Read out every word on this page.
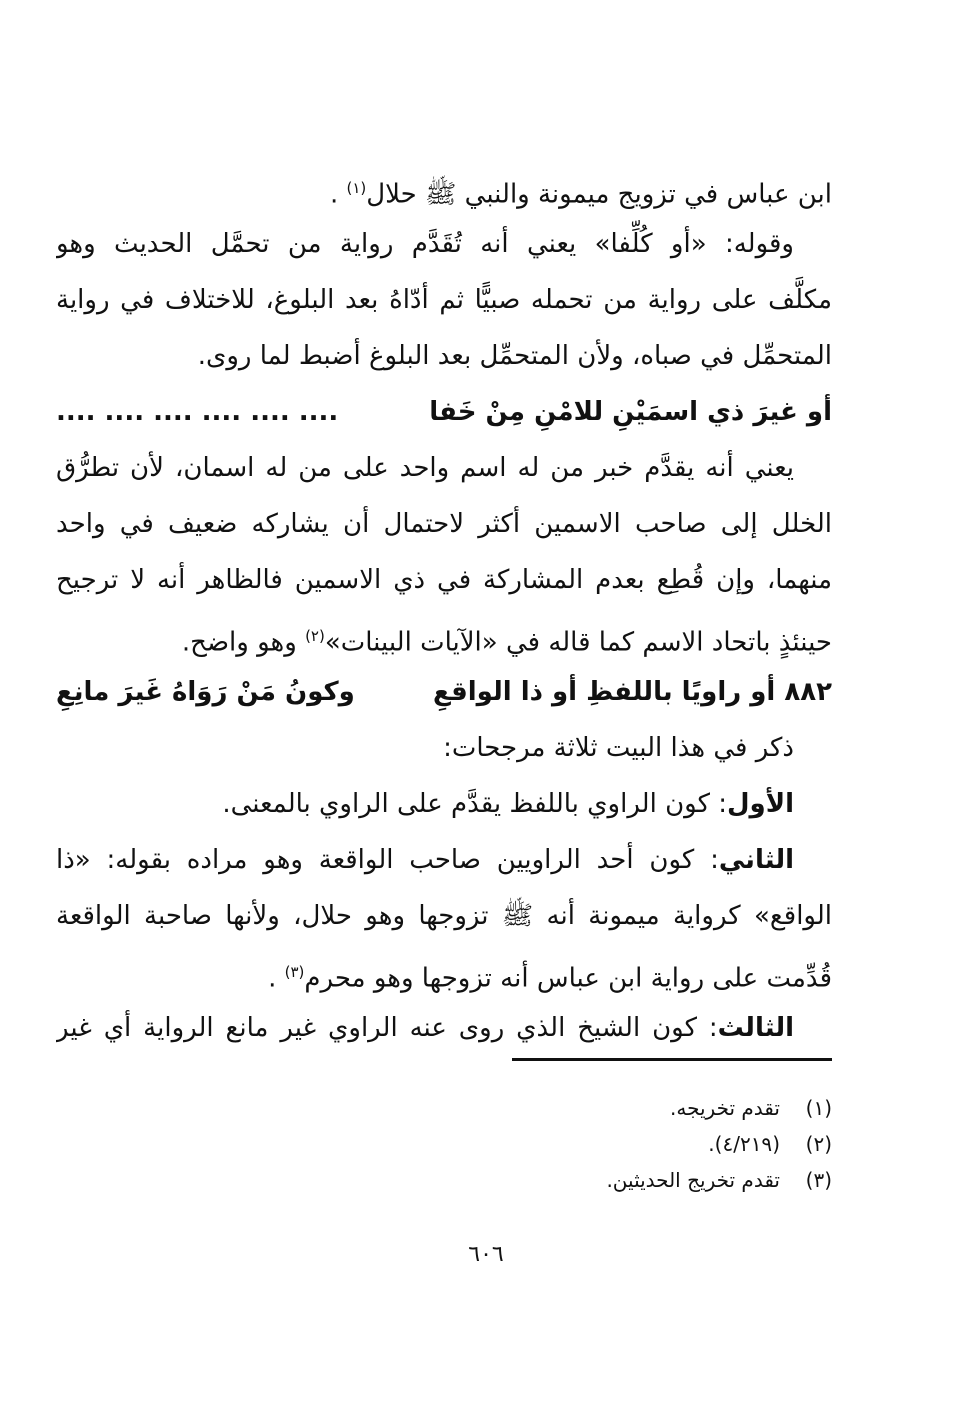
ابن عباس في تزويج ميمونة والنبي ﷺ حلال$^{(١)}$ .
وقوله: «أو كُلِّفا» يعني أنه تُقَدَّم رواية من تحمَّل الحديث وهو
مكلَّف على رواية من تحمله صبيًّا ثم أدّاهُ بعد البلوغ، للاختلاف في رواية
المتحمِّل في صباه، ولأن المتحمِّل بعد البلوغ أضبط لما روى.
أو غيرَ ذي اسمَيْنِ للامْنِ مِنْ خَفا
.... .... .... .... .... ....
يعني أنه يقدَّم خبر من له اسم واحد على من له اسمان، لأن تطرُّق
الخلل إلى صاحب الاسمين أكثر لاحتمال أن يشاركه ضعيف في واحد
منهما، وإن قُطِع بعدم المشاركة في ذي الاسمين فالظاهر أنه لا ترجيح
حينئذٍ باتحاد الاسم كما قاله في «الآيات البينات»$^{(٢)}$ وهو واضح.
٨٨٢ أو راويًا باللفظِ أو ذا الواقعِ
وكونُ مَنْ رَوَاهُ غَيرَ مانِعِ
ذكر في هذا البيت ثلاثة مرجحات:
الأول: كون الراوي باللفظ يقدَّم على الراوي بالمعنى.
الثاني: كون أحد الراويين صاحب الواقعة وهو مراده بقوله: «ذا
الواقع» كرواية ميمونة أنه ﷺ تزوجها وهو حلال، ولأنها صاحبة الواقعة
قُدِّمت على رواية ابن عباس أنه تزوجها وهو محرم$^{(٣)}$ .
الثالث: كون الشيخ الذي روى عنه الراوي غير مانع الرواية أي غير
(١)تقدم تخريجه.
(٢)(٤/٢١٩).
(٣)تقدم تخريج الحديثين.
٦٠٦
